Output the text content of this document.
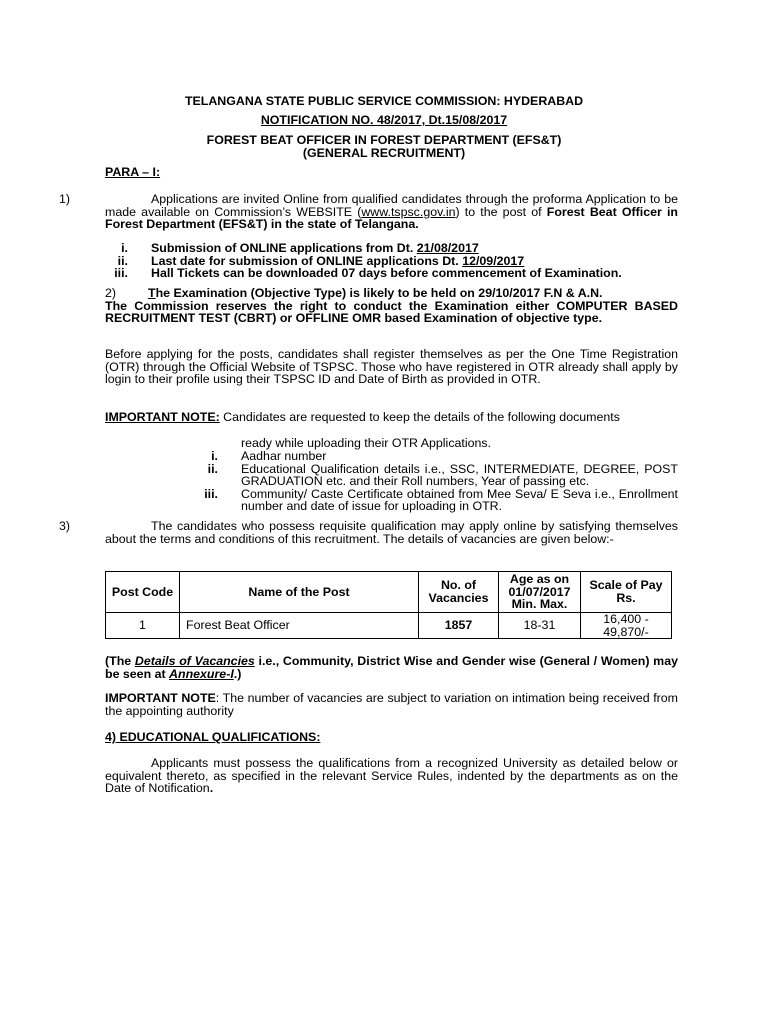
TELANGANA STATE PUBLIC SERVICE COMMISSION: HYDERABAD
NOTIFICATION NO. 48/2017, Dt.15/08/2017
FOREST BEAT OFFICER IN FOREST DEPARTMENT (EFS&T)
(GENERAL RECRUITMENT)
PARA – I:
1)	Applications are invited Online from qualified candidates through the proforma Application to be made available on Commission’s WEBSITE (www.tspsc.gov.in) to the post of Forest Beat Officer in Forest Department (EFS&T) in the state of Telangana.
i. Submission of ONLINE applications from Dt. 21/08/2017
ii. Last date for submission of ONLINE applications Dt. 12/09/2017
iii. Hall Tickets can be downloaded 07 days before commencement of Examination.
2)	The Examination (Objective Type) is likely to be held on 29/10/2017 F.N & A.N.
The Commission reserves the right to conduct the Examination either COMPUTER BASED RECRUITMENT TEST (CBRT) or OFFLINE OMR based Examination of objective type.
Before applying for the posts, candidates shall register themselves as per the One Time Registration (OTR) through the Official Website of TSPSC. Those who have registered in OTR already shall apply by login to their profile using their TSPSC ID and Date of Birth as provided in OTR.
IMPORTANT NOTE: Candidates are requested to keep the details of the following documents
ready while uploading their OTR Applications.
i. Aadhar number
ii. Educational Qualification details i.e., SSC, INTERMEDIATE, DEGREE, POST GRADUATION etc. and their Roll numbers, Year of passing etc.
iii. Community/ Caste Certificate obtained from Mee Seva/ E Seva i.e., Enrollment number and date of issue for uploading in OTR.
3)	The candidates who possess requisite qualification may apply online by satisfying themselves about the terms and conditions of this recruitment. The details of vacancies are given below:-
Post Code	Name of the Post	No. of Vacancies	Age as on 01/07/2017 Min. Max.	Scale of Pay Rs.
1	Forest Beat Officer	1857	18-31	16,400 - 49,870/-
(The Details of Vacancies i.e., Community, District Wise and Gender wise (General / Women) may be seen at Annexure-I.)
IMPORTANT NOTE: The number of vacancies are subject to variation on intimation being received from the appointing authority
4) EDUCATIONAL QUALIFICATIONS:
Applicants must possess the qualifications from a recognized University as detailed below or equivalent thereto, as specified in the relevant Service Rules, indented by the departments as on the Date of Notification.
